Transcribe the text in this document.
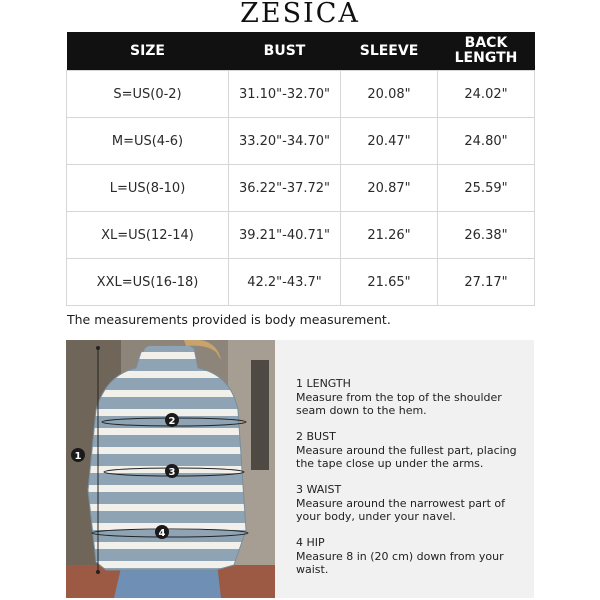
ZESICA
SIZE	BUST	SLEEVE	BACK
LENGTH
S=US(0-2)	31.10"-32.70"	20.08"	24.02"
M=US(4-6)	33.20"-34.70"	20.47"	24.80"
L=US(8-10)	36.22"-37.72"	20.87"	25.59"
XL=US(12-14)	39.21"-40.71"	21.26"	26.38"
XXL=US(16-18)	42.2"-43.7"	21.65"	27.17"
The measurements provided is body measurement.
1
2
3
4
1 LENGTH
Measure from the top of the shoulder seam down to the hem.
2 BUST
Measure around the fullest part, placing the tape close up under the arms.
3 WAIST
Measure around the narrowest part of your body, under your navel.
4 HIP
Measure 8 in (20 cm) down from your waist.
